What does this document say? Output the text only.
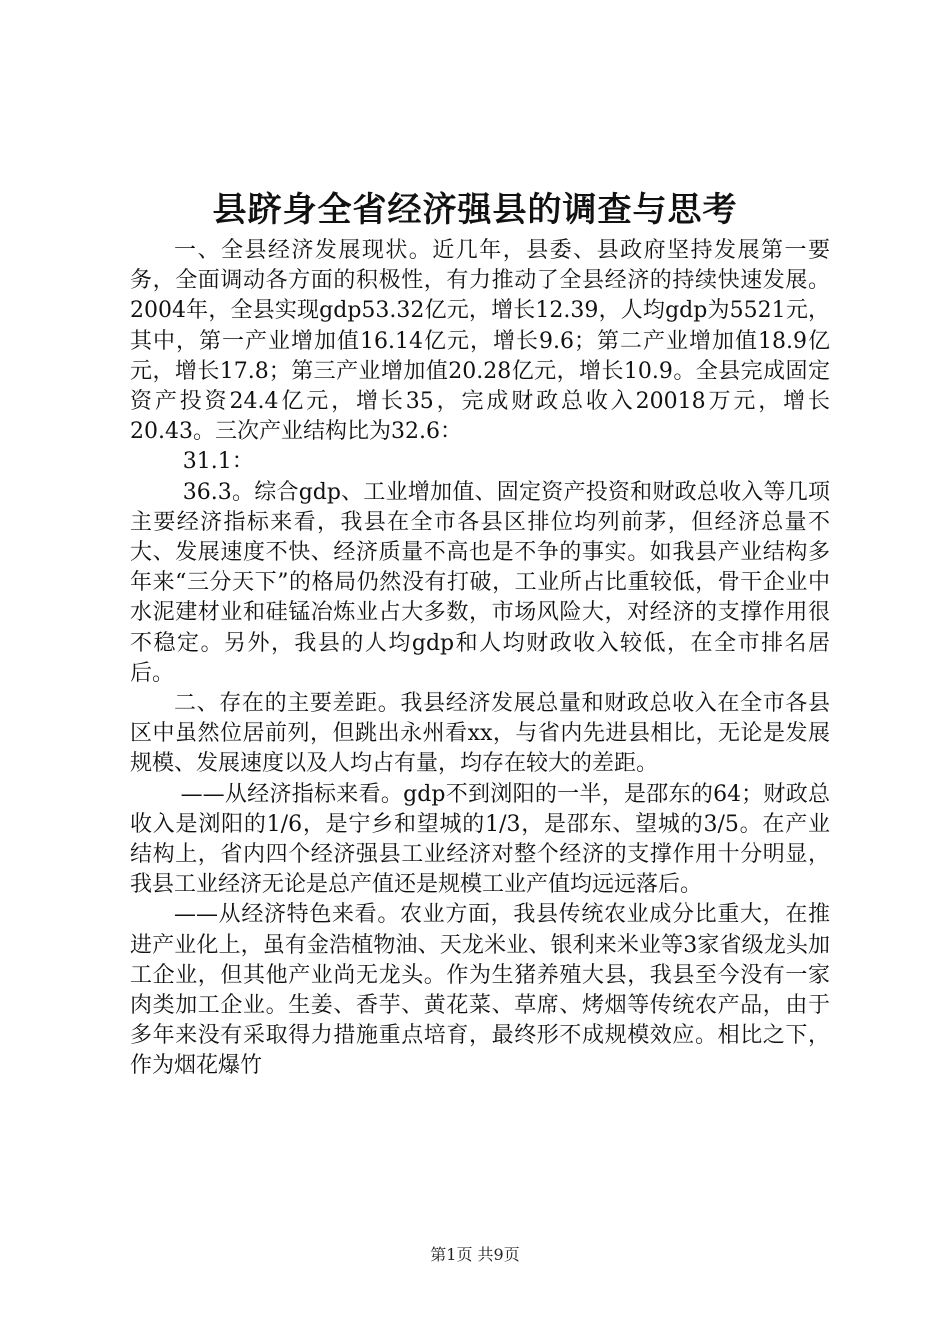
县跻身全省经济强县的调查与思考

一、全县经济发展现状。近几年，县委、县政府坚持发展第一要务，全面调动各方面的积极性，有力推动了全县经济的持续快速发展。2004年，全县实现gdp53.32亿元，增长12.39，人均gdp为5521元，其中，第一产业增加值16.14亿元，增长9.6；第二产业增加值18.9亿元，增长17.8；第三产业增加值20.28亿元，增长10.9。全县完成固定资产投资24.4亿元，增长35，完成财政总收入20018万元，增长20.43。三次产业结构比为32.6：

31.1：

36.3。综合gdp、工业增加值、固定资产投资和财政总收入等几项主要经济指标来看，我县在全市各县区排位均列前茅，但经济总量不大、发展速度不快、经济质量不高也是不争的事实。如我县产业结构多年来“三分天下”的格局仍然没有打破，工业所占比重较低，骨干企业中水泥建材业和硅锰冶炼业占大多数，市场风险大，对经济的支撑作用很不稳定。另外，我县的人均gdp和人均财政收入较低，在全市排名居后。

二、存在的主要差距。我县经济发展总量和财政总收入在全市各县区中虽然位居前列，但跳出永州看xx，与省内先进县相比，无论是发展规模、发展速度以及人均占有量，均存在较大的差距。

——从经济指标来看。gdp不到浏阳的一半，是邵东的64；财政总收入是浏阳的1/6，是宁乡和望城的1/3，是邵东、望城的3/5。在产业结构上，省内四个经济强县工业经济对整个经济的支撑作用十分明显，我县工业经济无论是总产值还是规模工业产值均远远落后。

——从经济特色来看。农业方面，我县传统农业成分比重大，在推进产业化上，虽有金浩植物油、天龙米业、银利来米业等3家省级龙头加工企业，但其他产业尚无龙头。作为生猪养殖大县，我县至今没有一家肉类加工企业。生姜、香芋、黄花菜、草席、烤烟等传统农产品，由于多年来没有采取得力措施重点培育，最终形不成规模效应。相比之下，作为烟花爆竹

第1页 共9页
